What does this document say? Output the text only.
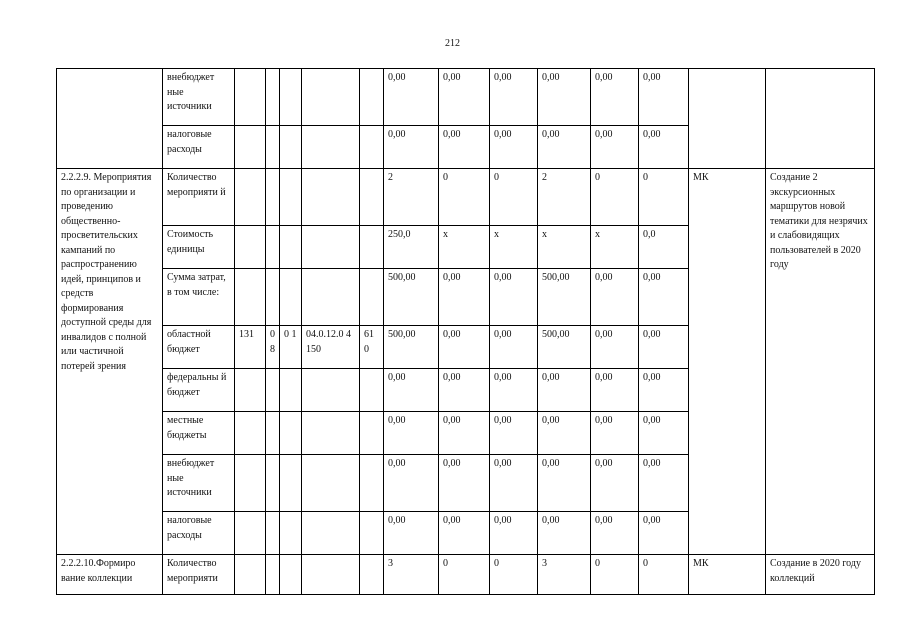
212
	внебюджет ные источники						0,00	0,00	0,00	0,00	0,00	0,00		
	налоговые расходы						0,00	0,00	0,00	0,00	0,00	0,00		
2.2.2.9. Мероприятия по организации и проведению общественно-просветительских кампаний по распространению идей, принципов и средств формирования доступной среды для инвалидов с полной или частичной потерей зрения	Количество мероприяти й						2	0	0	2	0	0	МК	Создание 2 экскурсионных маршрутов новой тематики для незрячих и слабовидящих пользователей в 2020 году
	Стоимость единицы						250,0	х	х	х	х	0,0		
	Сумма затрат, в том числе:						500,00	0,00	0,00	500,00	0,00	0,00		
	областной бюджет	131	0 8	0 1	04.0.12.0 4150	61 0	500,00	0,00	0,00	500,00	0,00	0,00		
	федеральны й бюджет						0,00	0,00	0,00	0,00	0,00	0,00		
	местные бюджеты						0,00	0,00	0,00	0,00	0,00	0,00		
	внебюджет ные источники						0,00	0,00	0,00	0,00	0,00	0,00		
	налоговые расходы						0,00	0,00	0,00	0,00	0,00	0,00		
2.2.2.10.Формиро вание коллекции	Количество мероприяти						3	0	0	3	0	0	МК	Создание в 2020 году коллекций
